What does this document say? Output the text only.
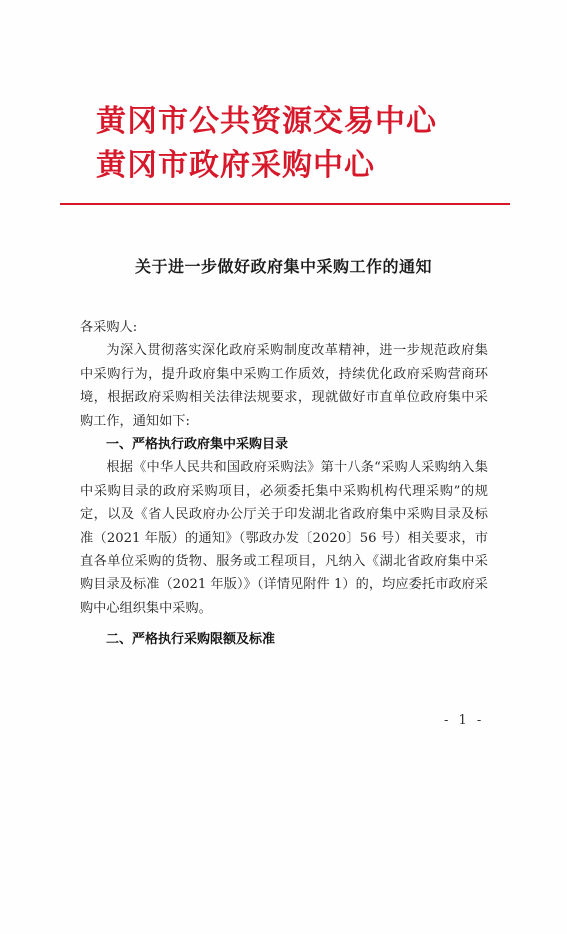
黄冈市公共资源交易中心
黄冈市政府采购中心
关于进一步做好政府集中采购工作的通知
各采购人:
为深入贯彻落实深化政府采购制度改革精神，进一步规范政府集中采购行为，提升政府集中采购工作质效，持续优化政府采购营商环境，根据政府采购相关法律法规要求，现就做好市直单位政府集中采购工作，通知如下:
一、严格执行政府集中采购目录
根据《中华人民共和国政府采购法》第十八条“采购人采购纳入集中采购目录的政府采购项目，必须委托集中采购机构代理采购”的规定，以及《省人民政府办公厅关于印发湖北省政府集中采购目录及标准（2021 年版）的通知》（鄂政办发〔2020〕56 号）相关要求，市直各单位采购的货物、服务或工程项目，凡纳入《湖北省政府集中采购目录及标准（2021 年版）》（详情见附件 1）的，均应委托市政府采购中心组织集中采购。
二、严格执行采购限额及标准
- 1 -
